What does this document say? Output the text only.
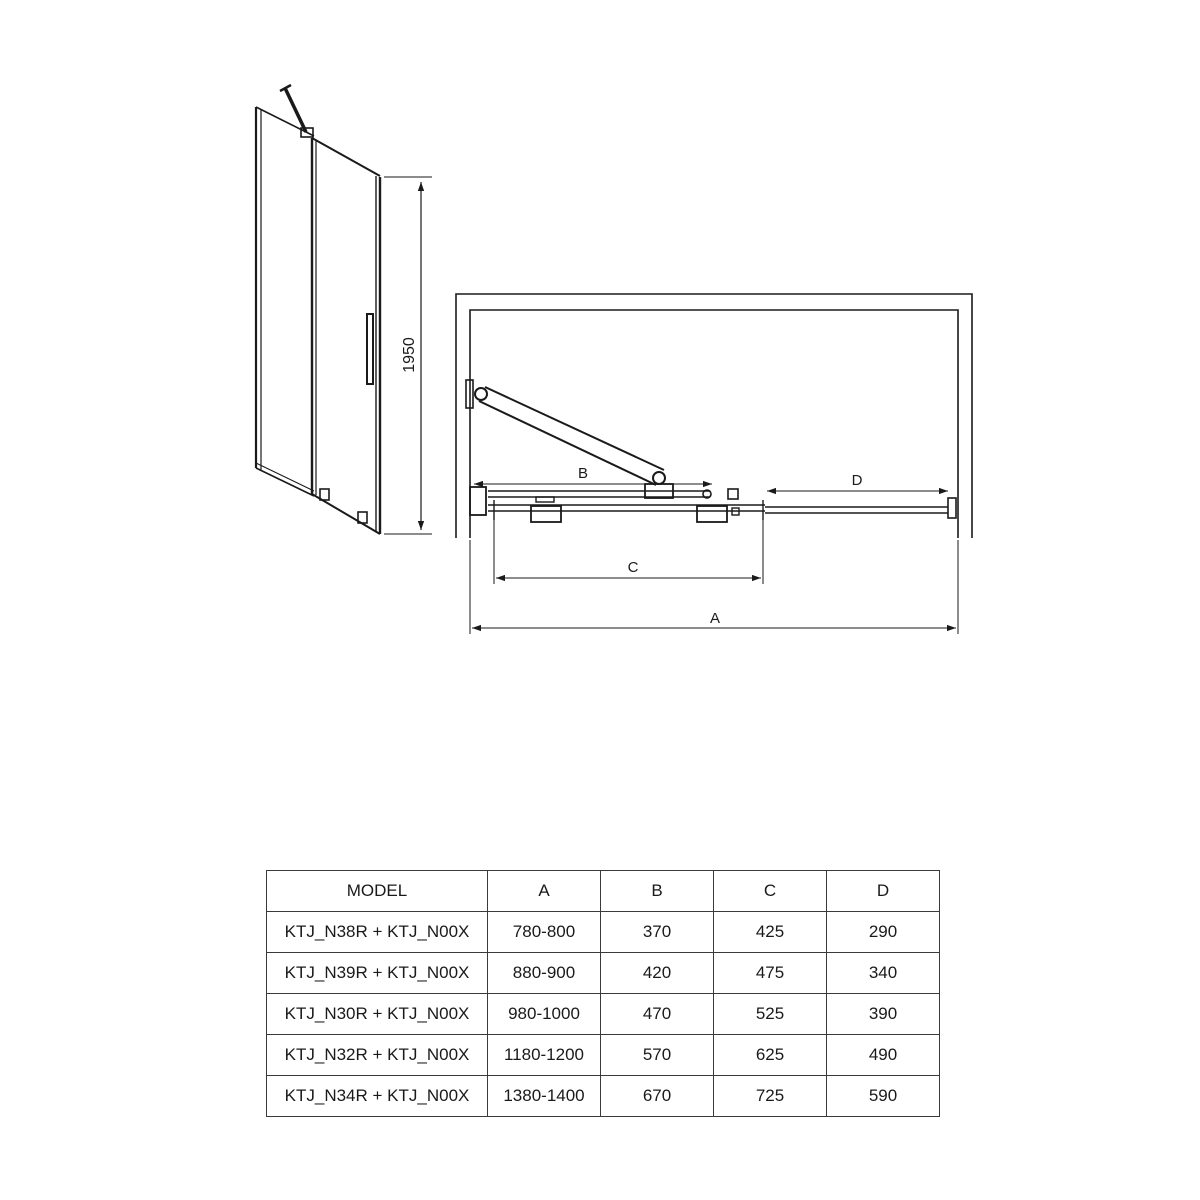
1950
B	D
C
A
MODEL	A	B	C	D
KTJ_N38R + KTJ_N00X	780-800	370	425	290
KTJ_N39R + KTJ_N00X	880-900	420	475	340
KTJ_N30R + KTJ_N00X	980-1000	470	525	390
KTJ_N32R + KTJ_N00X	1180-1200	570	625	490
KTJ_N34R + KTJ_N00X	1380-1400	670	725	590
